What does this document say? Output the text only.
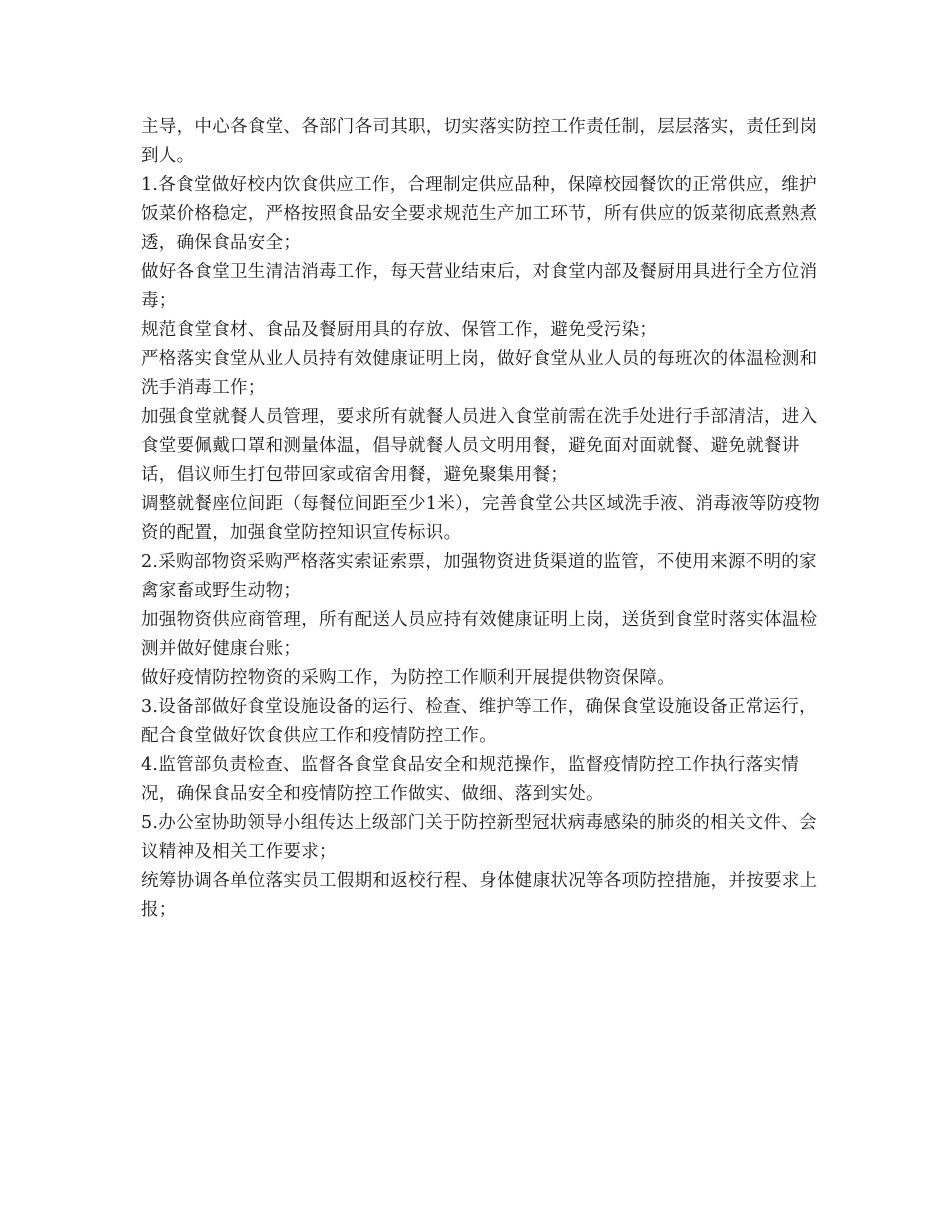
主导，中心各食堂、各部门各司其职，切实落实防控工作责任制，层层落实，责任到岗到人。

1.各食堂做好校内饮食供应工作，合理制定供应品种，保障校园餐饮的正常供应，维护饭菜价格稳定，严格按照食品安全要求规范生产加工环节，所有供应的饭菜彻底煮熟煮透，确保食品安全；

做好各食堂卫生清洁消毒工作，每天营业结束后，对食堂内部及餐厨用具进行全方位消毒；

规范食堂食材、食品及餐厨用具的存放、保管工作，避免受污染；

严格落实食堂从业人员持有效健康证明上岗，做好食堂从业人员的每班次的体温检测和洗手消毒工作；

加强食堂就餐人员管理，要求所有就餐人员进入食堂前需在洗手处进行手部清洁，进入食堂要佩戴口罩和测量体温，倡导就餐人员文明用餐，避免面对面就餐、避免就餐讲话，倡议师生打包带回家或宿舍用餐，避免聚集用餐；

调整就餐座位间距（每餐位间距至少1米），完善食堂公共区域洗手液、消毒液等防疫物资的配置，加强食堂防控知识宣传标识。

2.采购部物资采购严格落实索证索票，加强物资进货渠道的监管，不使用来源不明的家禽家畜或野生动物；

加强物资供应商管理，所有配送人员应持有效健康证明上岗，送货到食堂时落实体温检测并做好健康台账；

做好疫情防控物资的采购工作，为防控工作顺利开展提供物资保障。

3.设备部做好食堂设施设备的运行、检查、维护等工作，确保食堂设施设备正常运行，配合食堂做好饮食供应工作和疫情防控工作。

4.监管部负责检查、监督各食堂食品安全和规范操作，监督疫情防控工作执行落实情况，确保食品安全和疫情防控工作做实、做细、落到实处。

5.办公室协助领导小组传达上级部门关于防控新型冠状病毒感染的肺炎的相关文件、会议精神及相关工作要求；

统筹协调各单位落实员工假期和返校行程、身体健康状况等各项防控措施，并按要求上报；
